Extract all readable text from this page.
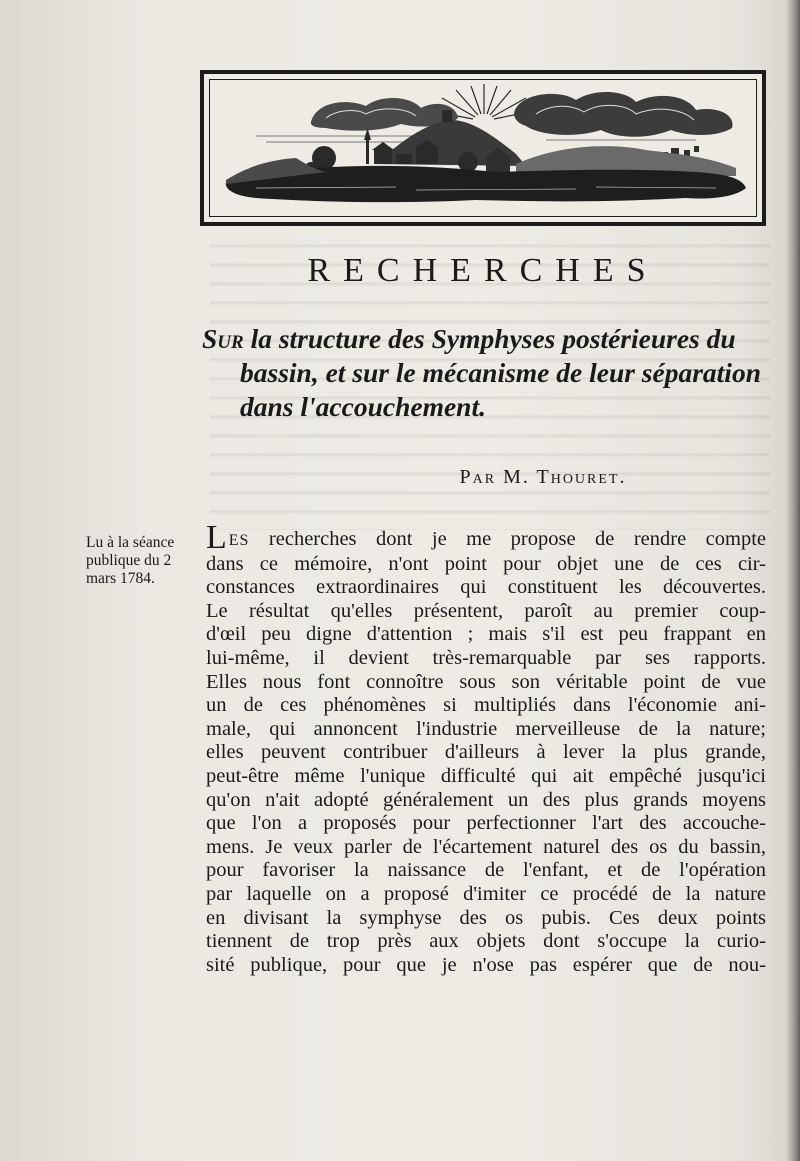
RECHERCHES
Sur la structure des Symphyses postérieures du
bassin, et sur le mécanisme de leur séparation
dans l'accouchement.

Par M. Thouret.

Lu à la séance
publique du 2
mars 1784.

LES recherches dont je me propose de rendre compte
dans ce mémoire, n'ont point pour objet une de ces cir-
constances extraordinaires qui constituent les découvertes.
Le résultat qu'elles présentent, paroît au premier coup-
d'œil peu digne d'attention ; mais s'il est peu frappant en
lui-même, il devient très-remarquable par ses rapports.
Elles nous font connoître sous son véritable point de vue
un de ces phénomènes si multipliés dans l'économie ani-
male, qui annoncent l'industrie merveilleuse de la nature;
elles peuvent contribuer d'ailleurs à lever la plus grande,
peut-être même l'unique difficulté qui ait empêché jusqu'ici
qu'on n'ait adopté généralement un des plus grands moyens
que l'on a proposés pour perfectionner l'art des accouche-
mens. Je veux parler de l'écartement naturel des os du bassin,
pour favoriser la naissance de l'enfant, et de l'opération
par laquelle on a proposé d'imiter ce procédé de la nature
en divisant la symphyse des os pubis. Ces deux points
tiennent de trop près aux objets dont s'occupe la curio-
sité publique, pour que je n'ose pas espérer que de nou-
